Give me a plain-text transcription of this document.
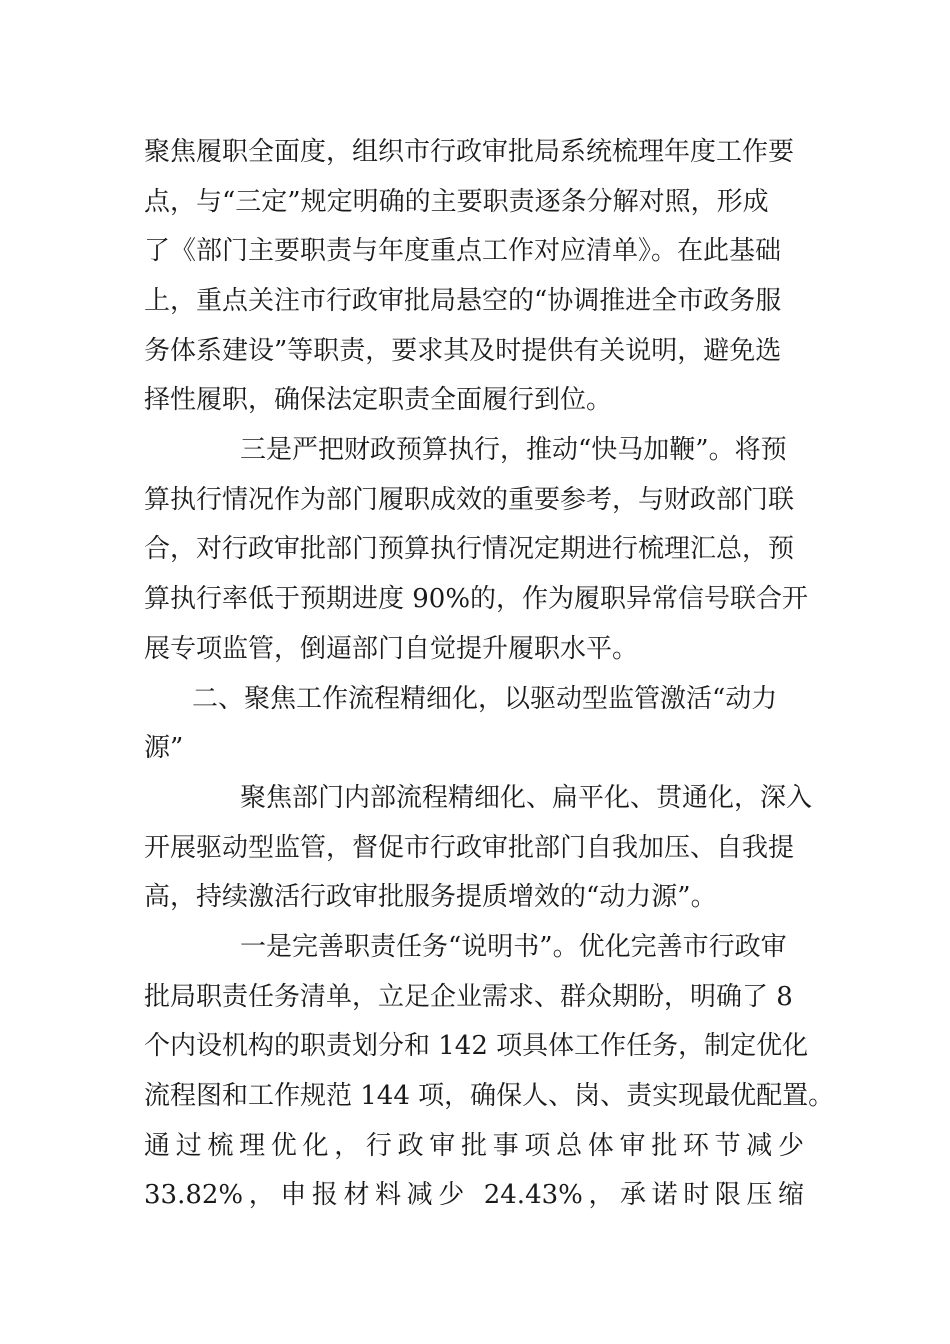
聚焦履职全面度，组织市行政审批局系统梳理年度工作要
点，与“三定”规定明确的主要职责逐条分解对照，形成
了《部门主要职责与年度重点工作对应清单》。在此基础
上，重点关注市行政审批局悬空的“协调推进全市政务服
务体系建设”等职责，要求其及时提供有关说明，避免选
择性履职，确保法定职责全面履行到位。
三是严把财政预算执行，推动“快马加鞭”。将预
算执行情况作为部门履职成效的重要参考，与财政部门联
合，对行政审批部门预算执行情况定期进行梳理汇总，预
算执行率低于预期进度 90%的，作为履职异常信号联合开
展专项监管，倒逼部门自觉提升履职水平。
二、聚焦工作流程精细化，以驱动型监管激活“动力
源”
聚焦部门内部流程精细化、扁平化、贯通化，深入
开展驱动型监管，督促市行政审批部门自我加压、自我提
高，持续激活行政审批服务提质增效的“动力源”。
一是完善职责任务“说明书”。优化完善市行政审
批局职责任务清单，立足企业需求、群众期盼，明确了 8
个内设机构的职责划分和 142 项具体工作任务，制定优化
流程图和工作规范 144 项，确保人、岗、责实现最优配置。
通过梳理优化，行政审批事项总体审批环节减少
33.82%，申报材料减少 24.43%，承诺时限压缩
